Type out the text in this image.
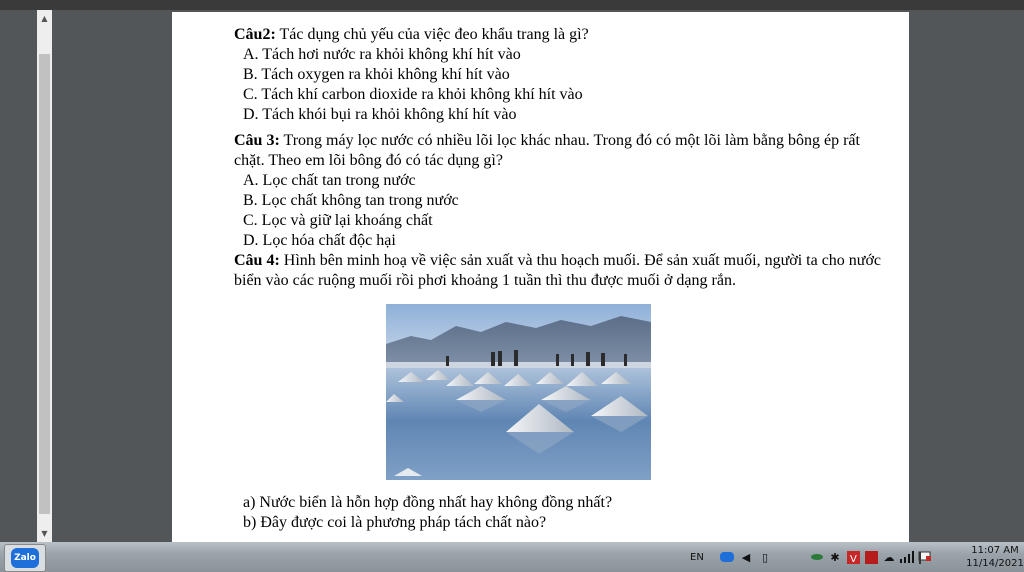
▲
▼

Câu2: Tác dụng chủ yếu của việc đeo khẩu trang là gì?

A. Tách hơi nước ra khỏi không khí hít vào

B. Tách oxygen ra khỏi không khí hít vào

C. Tách khí carbon dioxide ra khỏi không khí hít vào

D. Tách khói bụi ra khỏi không khí hít vào

Câu 3: Trong máy lọc nước có nhiều lõi lọc khác nhau. Trong đó có một lõi làm bằng bông ép rất chặt. Theo em lõi bông đó có tác dụng gì?

A. Lọc chất tan trong nước

B. Lọc chất không tan trong nước

C. Lọc và giữ lại khoáng chất

D. Lọc hóa chất độc hại

Câu 4: Hình bên minh hoạ về việc sản xuất và thu hoạch muối. Để sản xuất muối, người ta cho nước biển vào các ruộng muối rồi phơi khoảng 1 tuần thì thu được muối ở dạng rắn.

a) Nước biển là hỗn hợp đồng nhất hay không đồng nhất?
b) Đây được coi là phương pháp tách chất nào?
Zalo	EN	◀	▯	✱ V ☁	11:07 AM
11/14/2021
